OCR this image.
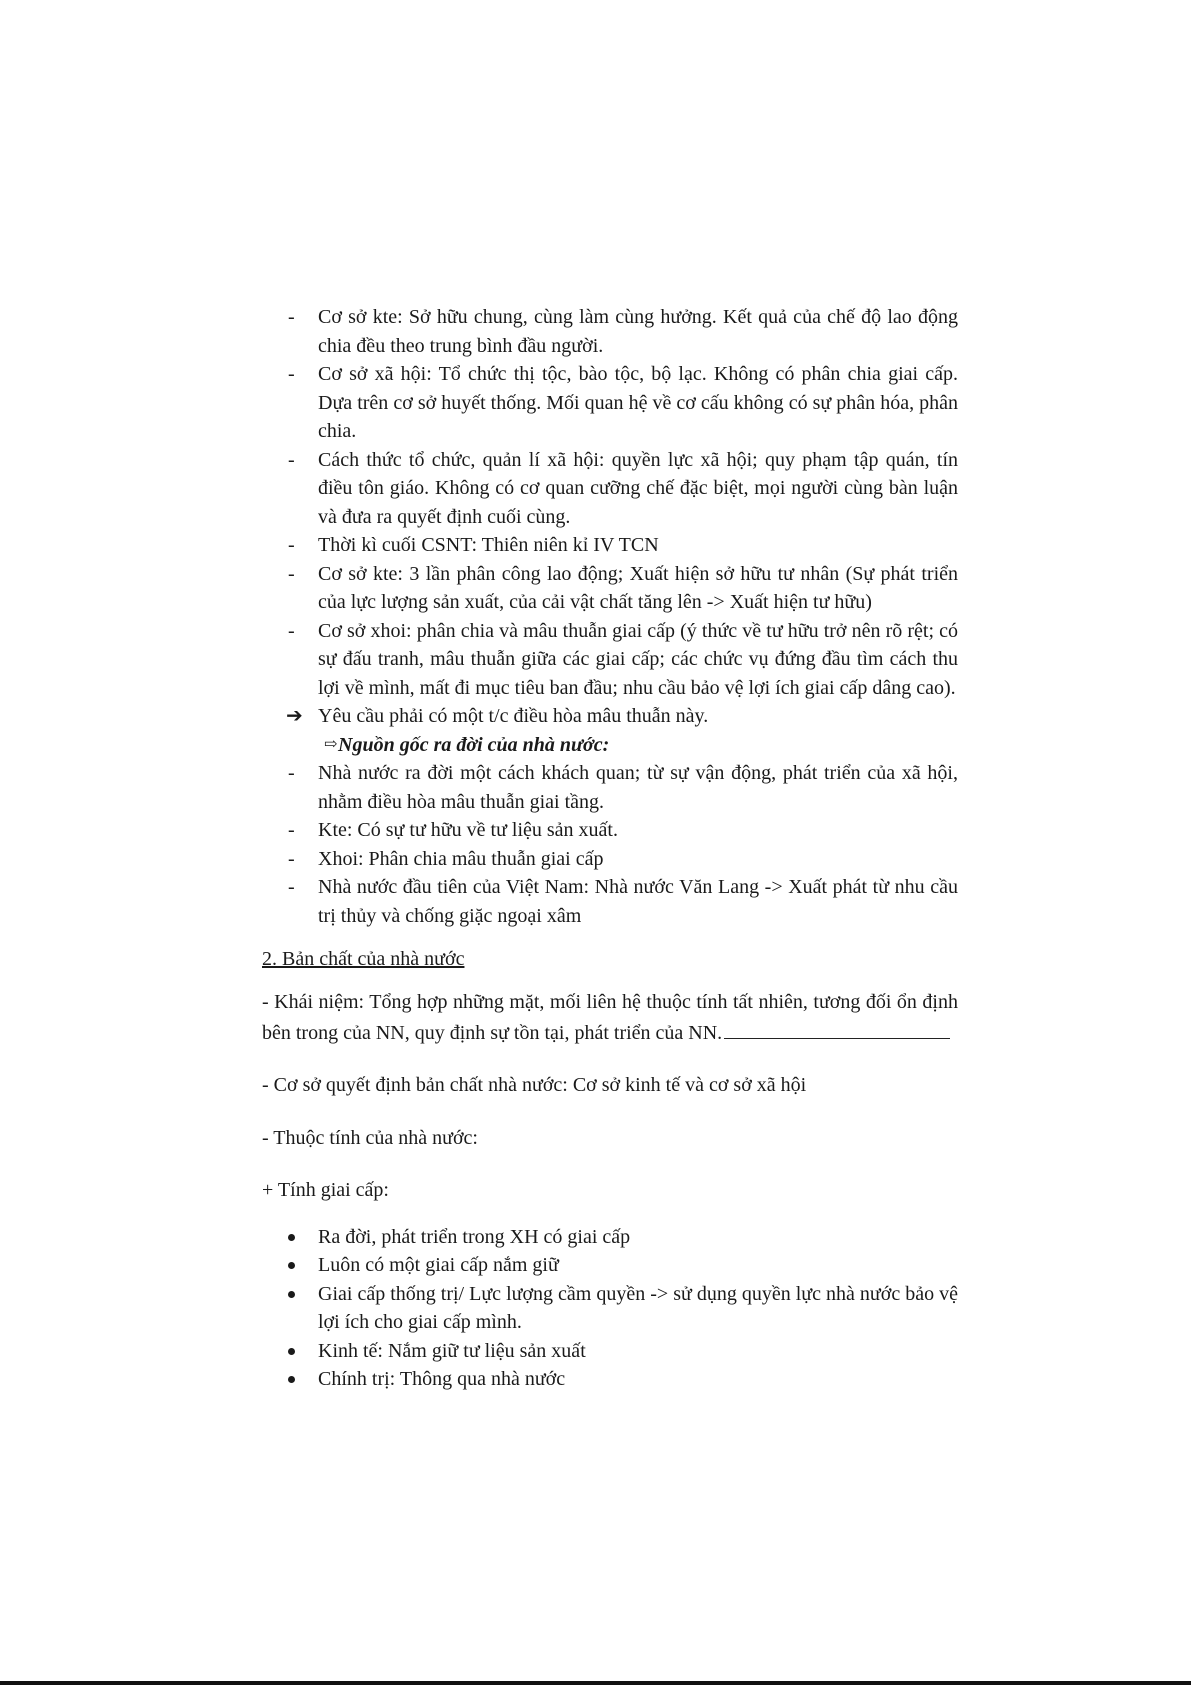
-	Cơ sở kte: Sở hữu chung, cùng làm cùng hưởng. Kết quả của chế độ lao động chia đều theo trung bình đầu người.
-	Cơ sở xã hội: Tổ chức thị tộc, bào tộc, bộ lạc. Không có phân chia giai cấp. Dựa trên cơ sở huyết thống. Mối quan hệ về cơ cấu không có sự phân hóa, phân chia.
-	Cách thức tổ chức, quản lí xã hội: quyền lực xã hội; quy phạm tập quán, tín điều tôn giáo. Không có cơ quan cưỡng chế đặc biệt, mọi người cùng bàn luận và đưa ra quyết định cuối cùng.
-	Thời kì cuối CSNT: Thiên niên kỉ IV TCN
-	Cơ sở kte: 3 lần phân công lao động; Xuất hiện sở hữu tư nhân (Sự phát triển của lực lượng sản xuất, của cải vật chất tăng lên -> Xuất hiện tư hữu)
-	Cơ sở xhoi: phân chia và mâu thuẫn giai cấp (ý thức về tư hữu trở nên rõ rệt; có sự đấu tranh, mâu thuẫn giữa các giai cấp; các chức vụ đứng đầu tìm cách thu lợi về mình, mất đi mục tiêu ban đầu; nhu cầu bảo vệ lợi ích giai cấp dâng cao).
➔ Yêu cầu phải có một t/c điều hòa mâu thuẫn này.
⇨ Nguồn gốc ra đời của nhà nước:
-	Nhà nước ra đời một cách khách quan; từ sự vận động, phát triển của xã hội, nhằm điều hòa mâu thuẫn giai tầng.
-	Kte: Có sự tư hữu về tư liệu sản xuất.
-	Xhoi: Phân chia mâu thuẫn giai cấp
-	Nhà nước đầu tiên của Việt Nam: Nhà nước Văn Lang -> Xuất phát từ nhu cầu trị thủy và chống giặc ngoại xâm

2. Bản chất của nhà nước

- Khái niệm: Tổng hợp những mặt, mối liên hệ thuộc tính tất nhiên, tương đối ổn định bên trong của NN, quy định sự tồn tại, phát triển của NN.

- Cơ sở quyết định bản chất nhà nước: Cơ sở kinh tế và cơ sở xã hội

- Thuộc tính của nhà nước:

+ Tính giai cấp:

Ra đời, phát triển trong XH có giai cấp
Luôn có một giai cấp nắm giữ
Giai cấp thống trị/ Lực lượng cầm quyền -> sử dụng quyền lực nhà nước bảo vệ lợi ích cho giai cấp mình.
Kinh tế: Nắm giữ tư liệu sản xuất
Chính trị: Thông qua nhà nước
